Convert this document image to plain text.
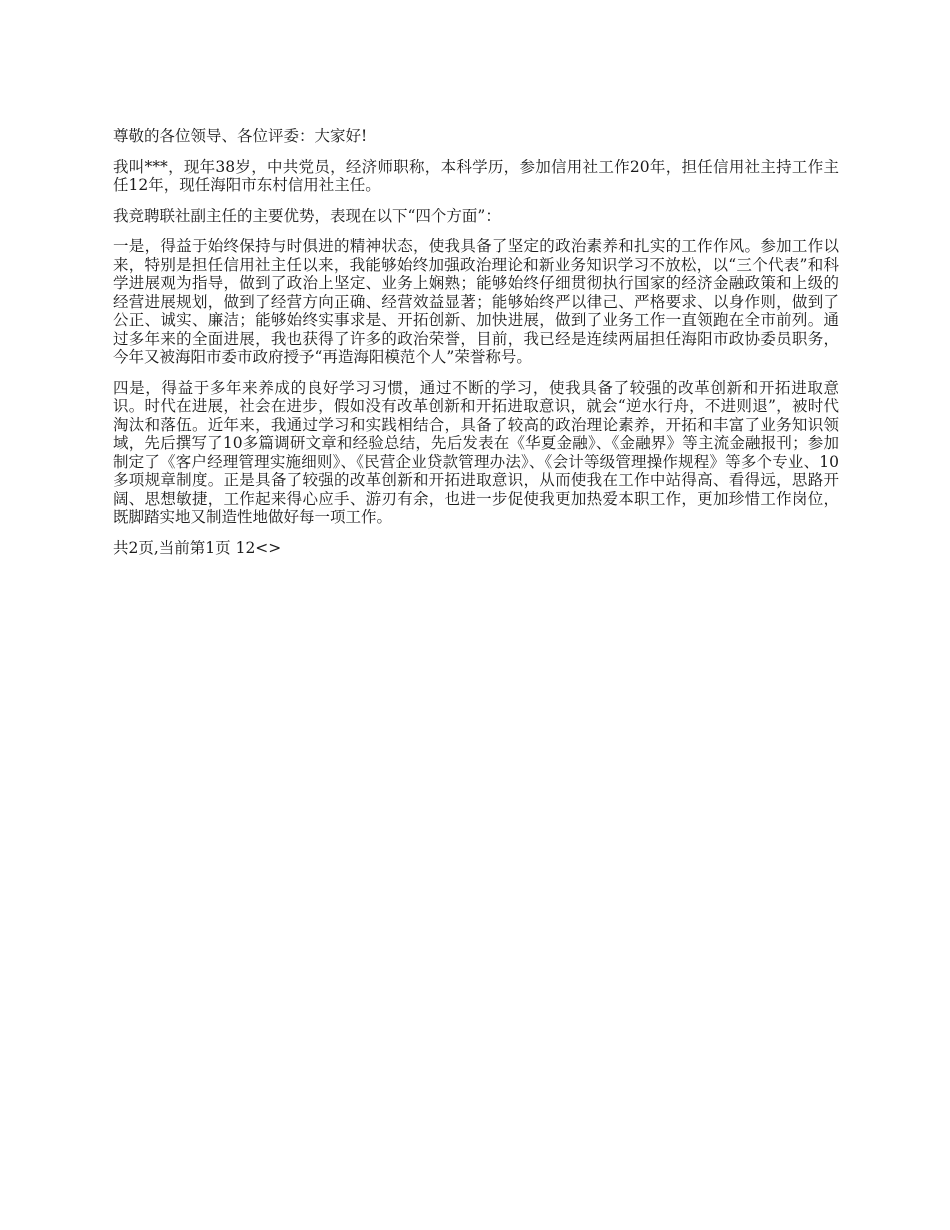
尊敬的各位领导、各位评委：大家好!

我叫***，现年38岁，中共党员，经济师职称，本科学历，参加信用社工作20年，担任信用社主持工作主任12年，现任海阳市东村信用社主任。

我竞聘联社副主任的主要优势，表现在以下“四个方面”：

一是，得益于始终保持与时俱进的精神状态，使我具备了坚定的政治素养和扎实的工作作风。参加工作以来，特别是担任信用社主任以来，我能够始终加强政治理论和新业务知识学习不放松，以“三个代表”和科学进展观为指导，做到了政治上坚定、业务上娴熟；能够始终仔细贯彻执行国家的经济金融政策和上级的经营进展规划，做到了经营方向正确、经营效益显著；能够始终严以律己、严格要求、以身作则，做到了公正、诚实、廉洁；能够始终实事求是、开拓创新、加快进展，做到了业务工作一直领跑在全市前列。通过多年来的全面进展，我也获得了许多的政治荣誉，目前，我已经是连续两届担任海阳市政协委员职务，今年又被海阳市委市政府授予“再造海阳模范个人”荣誉称号。

四是，得益于多年来养成的良好学习习惯，通过不断的学习，使我具备了较强的改革创新和开拓进取意识。时代在进展，社会在进步，假如没有改革创新和开拓进取意识，就会“逆水行舟，不进则退”，被时代淘汰和落伍。近年来，我通过学习和实践相结合，具备了较高的政治理论素养，开拓和丰富了业务知识领域，先后撰写了10多篇调研文章和经验总结，先后发表在《华夏金融》、《金融界》等主流金融报刊；参加制定了《客户经理管理实施细则》、《民营企业贷款管理办法》、《会计等级管理操作规程》等多个专业、10多项规章制度。正是具备了较强的改革创新和开拓进取意识，从而使我在工作中站得高、看得远，思路开阔、思想敏捷，工作起来得心应手、游刃有余，也进一步促使我更加热爱本职工作，更加珍惜工作岗位，既脚踏实地又制造性地做好每一项工作。

共2页,当前第1页 12<>
